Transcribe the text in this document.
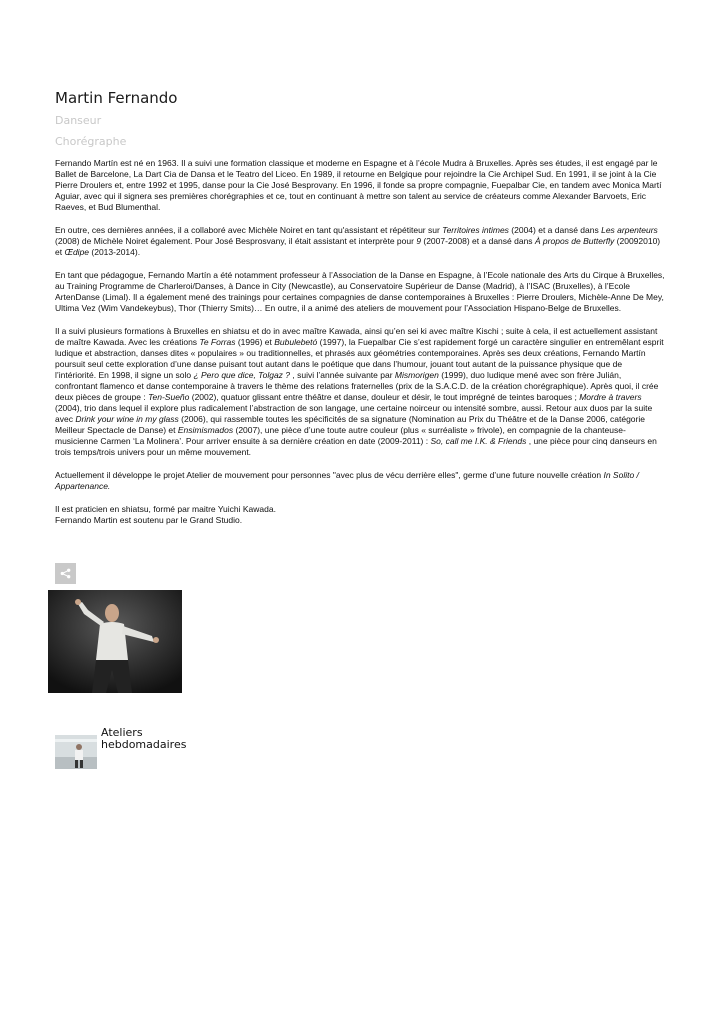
Martin Fernando
Danseur
Chorégraphe

Fernando Martín est né en 1963. Il a suivi une formation classique et moderne en Espagne et à l’école Mudra à Bruxelles. Après ses études, il est engagé par le Ballet de Barcelone, La Dart Cia de Dansa et le Teatro del Liceo. En 1989, il retourne en Belgique pour rejoindre la Cie Archipel Sud. En 1991, il se joint à la Cie Pierre Droulers et, entre 1992 et 1995, danse pour la Cie José Besprovany. En 1996, il fonde sa propre compagnie, Fuepalbar Cie, en tandem avec Monica Martí Aguiar, avec qui il signera ses premières chorégraphies et ce, tout en continuant à mettre son talent au service de créateurs comme Alexander Barvoets, Eric Raeves, et Bud Blumenthal.

En outre, ces dernières années, il a collaboré avec Michèle Noiret en tant qu'assistant et répétiteur sur Territoires intimes (2004) et a dansé dans Les arpenteurs (2008) de Michèle Noiret également. Pour José Besprosvany, il était assistant et interprète pour 9 (2007-2008) et a dansé dans À propos de Butterfly (20092010) et Œdipe (2013-2014).

En tant que pédagogue, Fernando Martín a été notamment professeur à l’Association de la Danse en Espagne, à l’Ecole nationale des Arts du Cirque à Bruxelles, au Training Programme de Charleroi/Danses, à Dance in City (Newcastle), au Conservatoire Supérieur de Danse (Madrid), à l’ISAC (Bruxelles), à l’Ecole ArtenDanse (Limal). Il a également mené des trainings pour certaines compagnies de danse contemporaines à Bruxelles : Pierre Droulers, Michèle-Anne De Mey, Ultima Vez (Wim Vandekeybus), Thor (Thierry Smits)… En outre, il a animé des ateliers de mouvement pour l’Association Hispano-Belge de Bruxelles.

Il a suivi plusieurs formations à Bruxelles en shiatsu et do in avec maître Kawada, ainsi qu’en sei ki avec maître Kischi ; suite à cela, il est actuellement assistant de maître Kawada. Avec les créations Te Forras (1996) et Bubulebetó (1997), la Fuepalbar Cie s’est rapidement forgé un caractère singulier en entremêlant esprit ludique et abstraction, danses dites « populaires » ou traditionnelles, et phrasés aux géométries contemporaines. Après ses deux créations, Fernando Martín poursuit seul cette exploration d’une danse puisant tout autant dans le poétique que dans l’humour, jouant tout autant de la puissance physique que de l’intériorité. En 1998, il signe un solo ¿ Pero que dice, Tolgaz ? , suivi l’année suivante par Mismorigen (1999), duo ludique mené avec son frère Julián, confrontant flamenco et danse contemporaine à travers le thème des relations fraternelles (prix de la S.A.C.D. de la création chorégraphique). Après quoi, il crée deux pièces de groupe : Ten-Sueño (2002), quatuor glissant entre théâtre et danse, douleur et désir, le tout imprégné de teintes baroques ; Mordre à travers (2004), trio dans lequel il explore plus radicalement l’abstraction de son langage, une certaine noirceur ou intensité sombre, aussi. Retour aux duos par la suite avec Drink your wine in my glass (2006), qui rassemble toutes les spécificités de sa signature (Nomination au Prix du Théâtre et de la Danse 2006, catégorie Meilleur Spectacle de Danse) et Ensimismados (2007), une pièce d’une toute autre couleur (plus « surréaliste » frivole), en compagnie de la chanteuse-musicienne Carmen ‘La Molinera’. Pour arriver ensuite à sa dernière création en date (2009-2011) : So, call me I.K. & Friends , une pièce pour cinq danseurs en trois temps/trois univers pour un même mouvement.

Actuellement il développe le projet Atelier de mouvement pour personnes "avec plus de vécu derrière elles", germe d’une future nouvelle création In Solito / Appartenance.

Il est praticien en shiatsu, formé par maitre Yuichi Kawada.
Fernando Martin est soutenu par le Grand Studio.

Ateliers hebdomadaires
